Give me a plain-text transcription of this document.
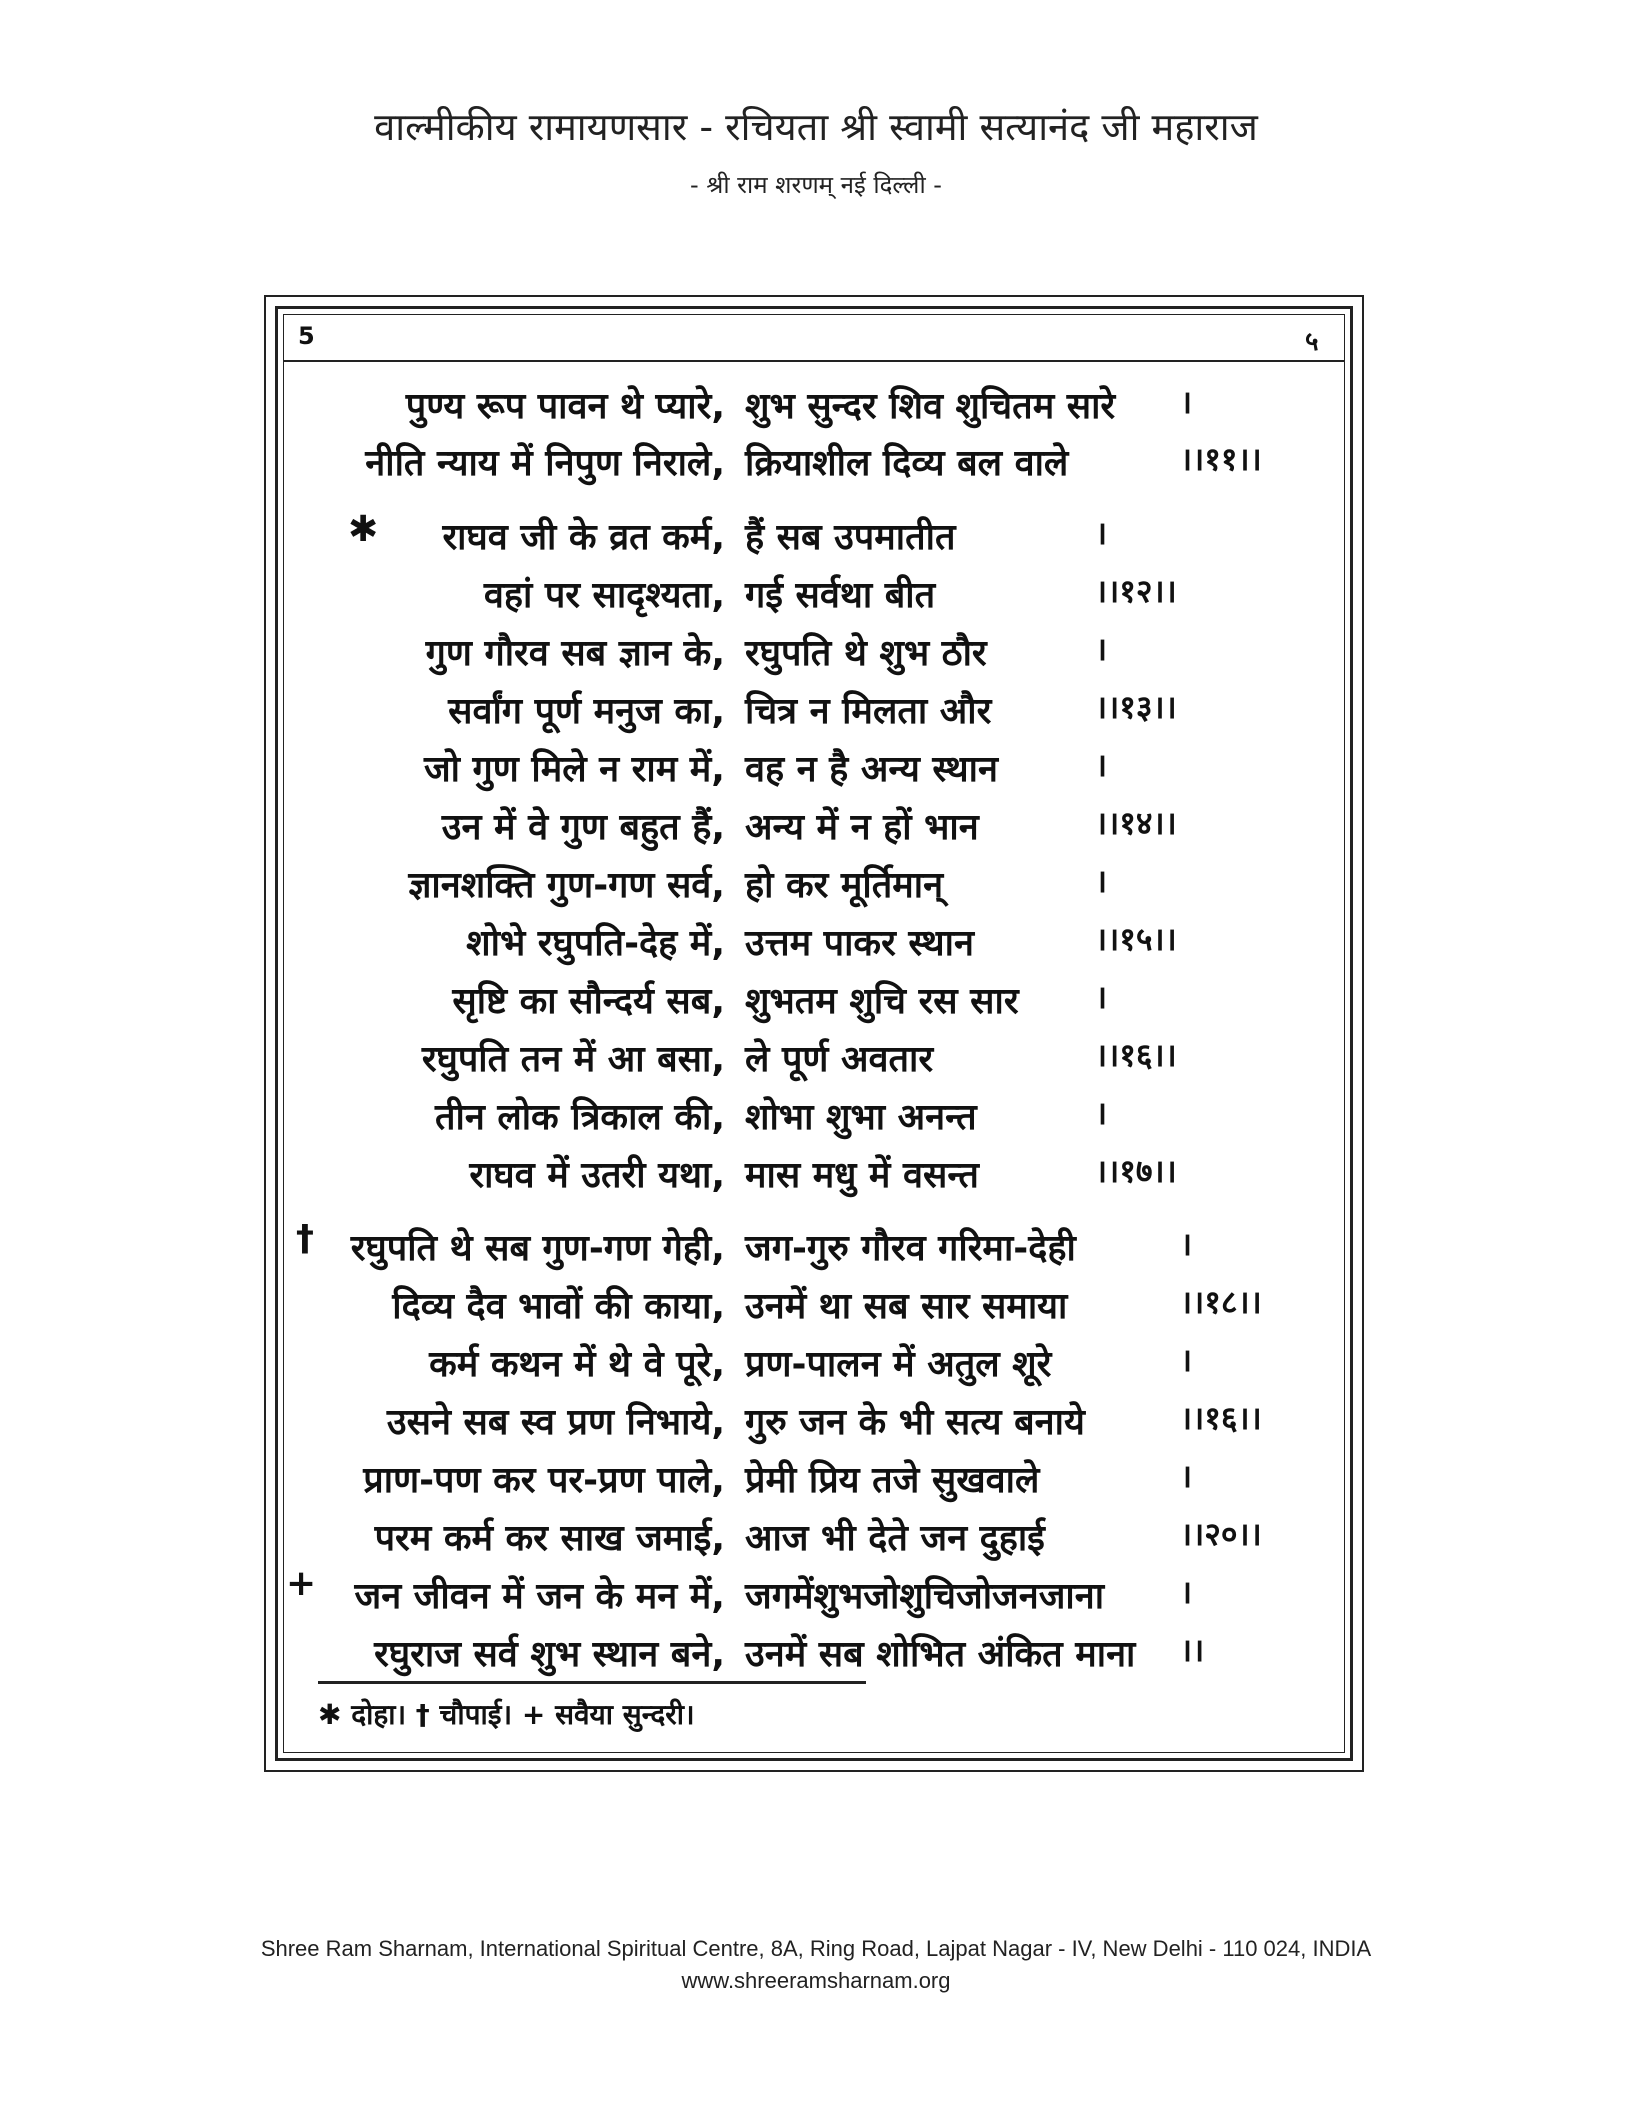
वाल्मीकीय रामायणसार - रचियता श्री स्वामी सत्यानंद जी महाराज
- श्री राम शरणम् नई दिल्ली -
5	५
पुण्य रूप पावन थे प्यारे, शुभ सुन्दर शिव शुचितम सारे ।
नीति न्याय में निपुण निराले, क्रियाशील दिव्य बल वाले	।।११।।
राघव जी के व्रत कर्म, हैं सब उपमातीत	।
वहां पर सादृश्यता, गई सर्वथा बीत	।।१२।।
गुण गौरव सब ज्ञान के, रघुपति थे शुभ ठौर	।
सर्वांग पूर्ण मनुज का, चित्र न मिलता और	।।१३।।
जो गुण मिले न राम में, वह न है अन्य स्थान	।
उन में वे गुण बहुत हैं, अन्य में न हों भान	।।१४।।
ज्ञानशक्ति गुण-गण सर्व, हो कर मूर्तिमान्	।
शोभे रघुपति-देह में, उत्तम पाकर स्थान	।।१५।।
सृष्टि का सौन्दर्य सब, शुभतम शुचि रस सार ।
रघुपति तन में आ बसा, ले पूर्ण अवतार	।।१६।।
तीन लोक त्रिकाल की, शोभा शुभा अनन्त	।
राघव में उतरी यथा, मास मधु में वसन्त	।।१७।।
रघुपति थे सब गुण-गण गेही, जग-गुरु गौरव गरिमा-देही	।
दिव्य दैव भावों की काया, उनमें था सब सार समाया	।।१८।।
कर्म कथन में थे वे पूरे, प्रण-पालन में अतुल शूरे	।
उसने सब स्व प्रण निभाये, गुरु जन के भी सत्य बनाये	।।१६।।
प्राण-पण कर पर-प्रण पाले, प्रेमी प्रिय तजे सुखवाले	।
परम कर्म कर साख जमाई, आज भी देते जन दुहाई	।।२०।।
जन जीवन में जन के मन में, जगमेंशुभजोशुचिजोजनजाना ।
रघुराज सर्व शुभ स्थान बने, उनमें सब शोभित अंकित माना ।।
✱
†
+
✱ दोहा। † चौपाई। + सवैया सुन्दरी।
Shree Ram Sharnam, International Spiritual Centre, 8A, Ring Road, Lajpat Nagar - IV, New Delhi - 110 024, INDIA
www.shreeramsharnam.org
